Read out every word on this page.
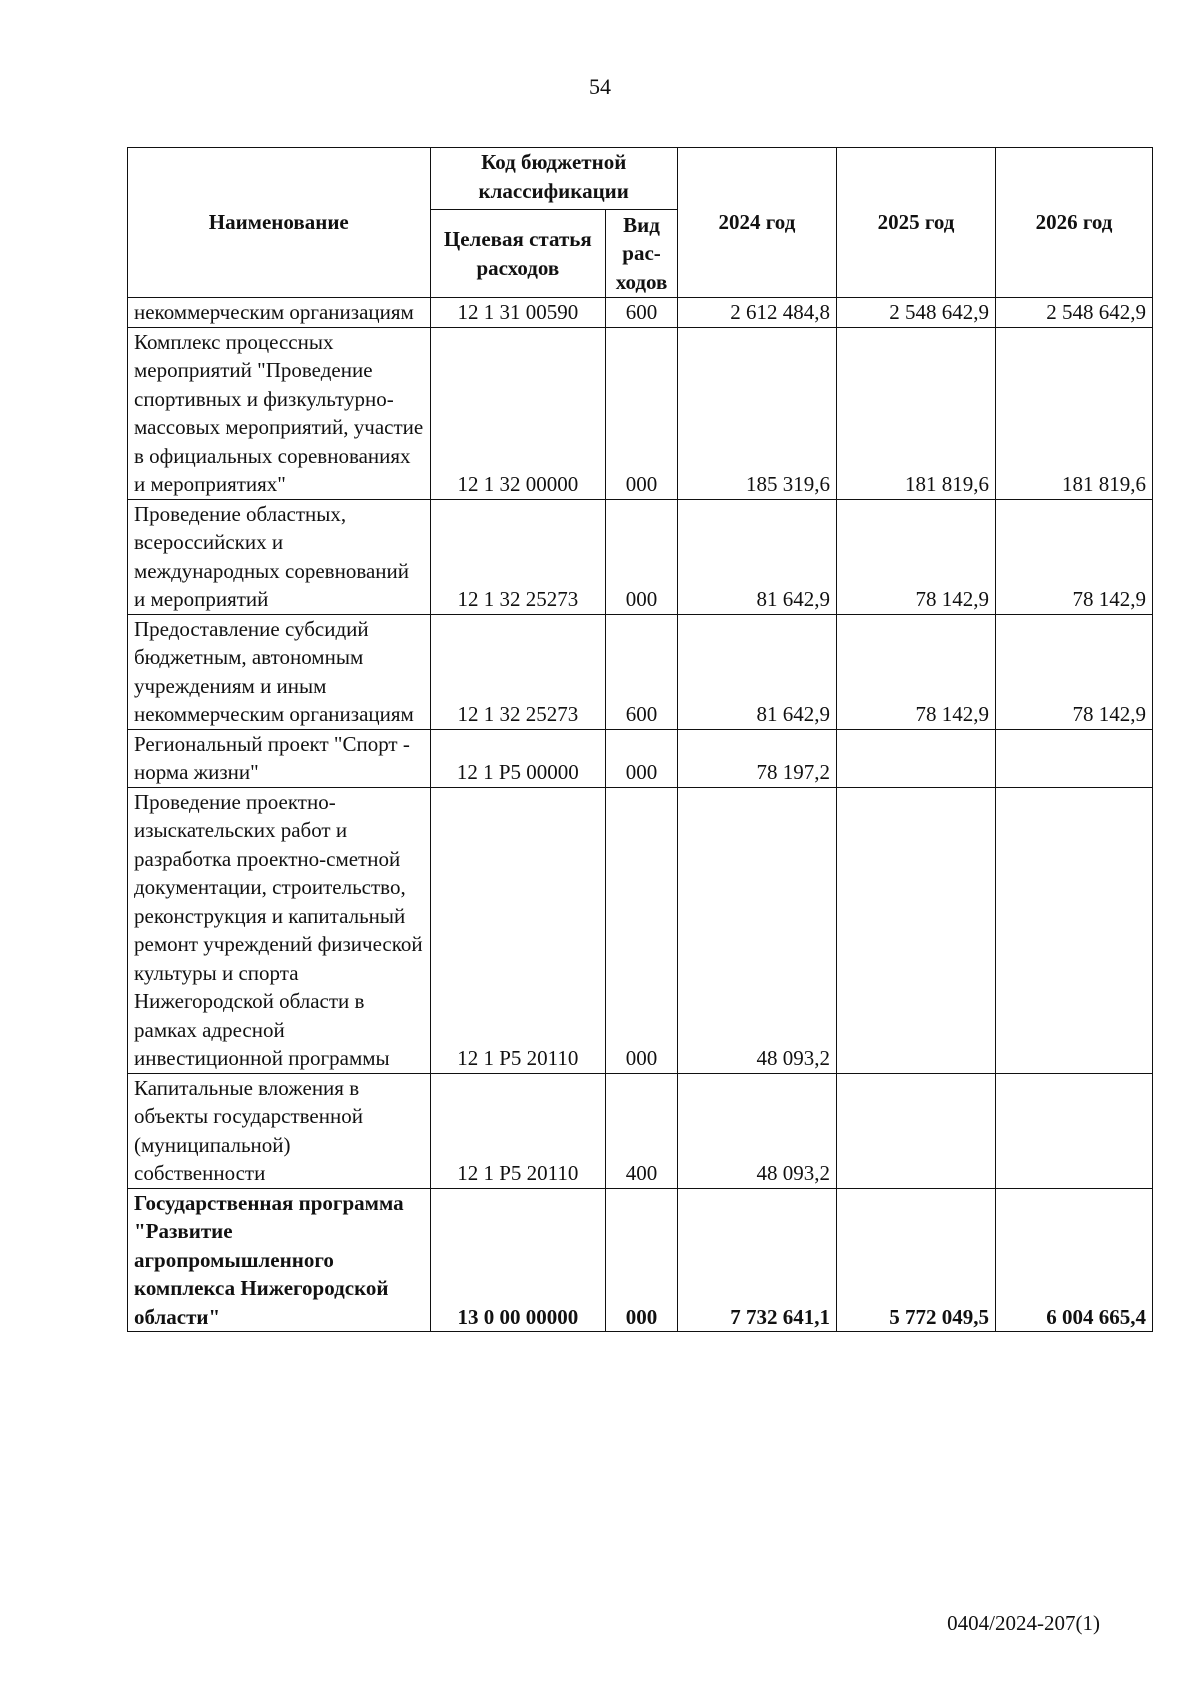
54
Наименование	Код бюджетной классификации		2024 год	2025 год	2026 год
	Целевая статья расходов	Вид рас-ходов			
некоммерческим организациям	12 1 31 00590	600	2 612 484,8	2 548 642,9	2 548 642,9
Комплекс процессных мероприятий "Проведение спортивных и физкультурно-массовых мероприятий, участие в официальных соревнованиях и мероприятиях"	12 1 32 00000	000	185 319,6	181 819,6	181 819,6
Проведение областных, всероссийских и международных соревнований и мероприятий	12 1 32 25273	000	81 642,9	78 142,9	78 142,9
Предоставление субсидий бюджетным, автономным учреждениям и иным некоммерческим организациям	12 1 32 25273	600	81 642,9	78 142,9	78 142,9
Региональный проект "Спорт - норма жизни"	12 1 P5 00000	000	78 197,2		
Проведение проектно-изыскательских работ и разработка проектно-сметной документации, строительство, реконструкция и капитальный ремонт учреждений физической культуры и спорта Нижегородской области в рамках адресной инвестиционной программы	12 1 P5 20110	000	48 093,2		
Капитальные вложения в объекты государственной (муниципальной) собственности	12 1 P5 20110	400	48 093,2		
Государственная программа "Развитие агропромышленного комплекса Нижегородской области"	13 0 00 00000	000	7 732 641,1	5 772 049,5	6 004 665,4
0404/2024-207(1)
